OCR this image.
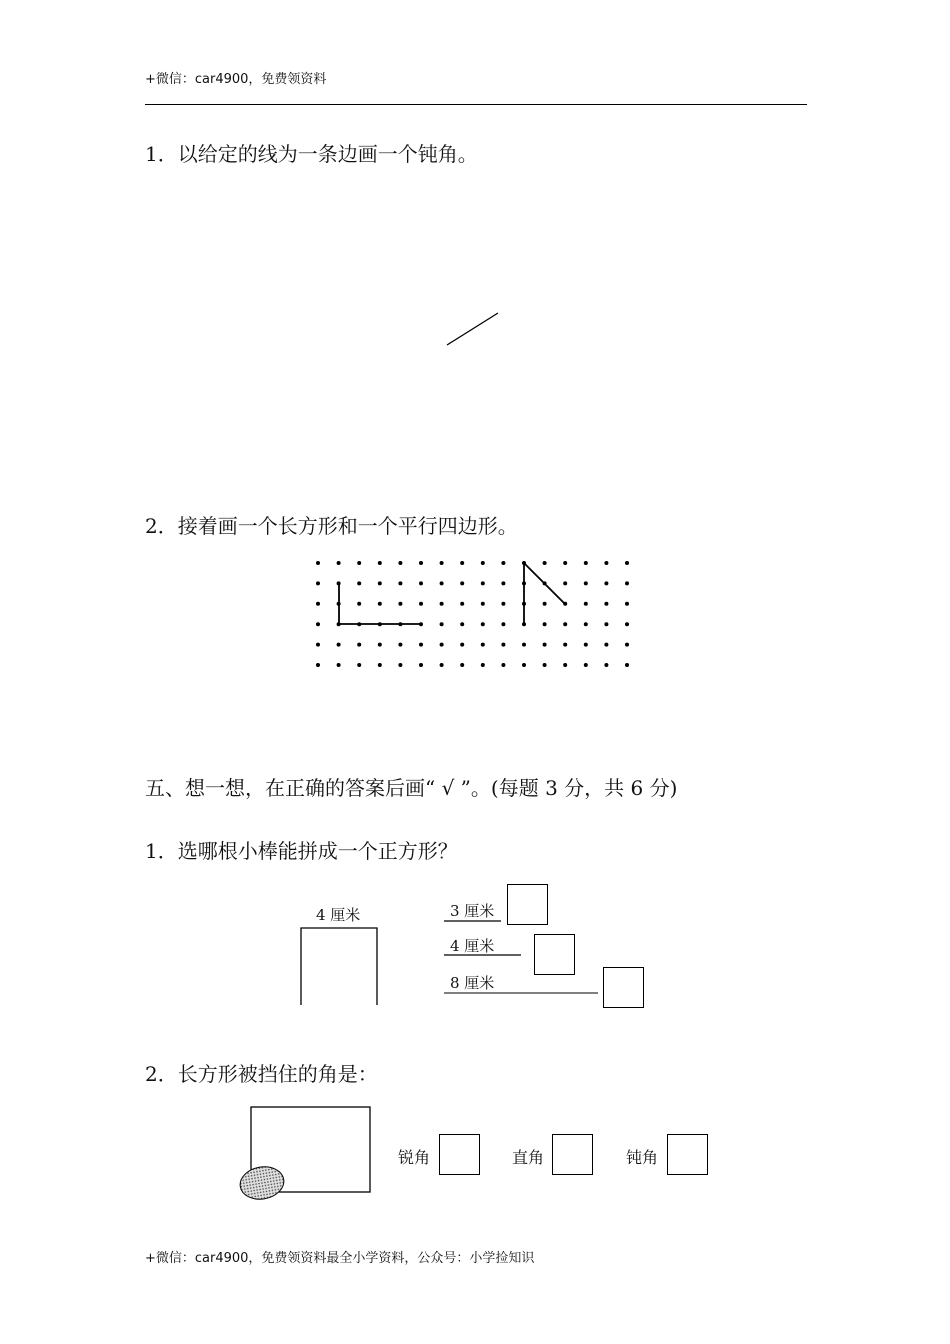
+微信：car4900，免费领资料
1．以给定的线为一条边画一个钝角。
2．接着画一个长方形和一个平行四边形。
五、想一想，在正确的答案后画“ √ ”。(每题 3 分，共 6 分)
1．选哪根小棒能拼成一个正方形？
4 厘米	3 厘米
4 厘米
8 厘米
2．长方形被挡住的角是：
锐角	直角	钝角
+微信：car4900，免费领资料最全小学资料，公众号：小学捡知识
